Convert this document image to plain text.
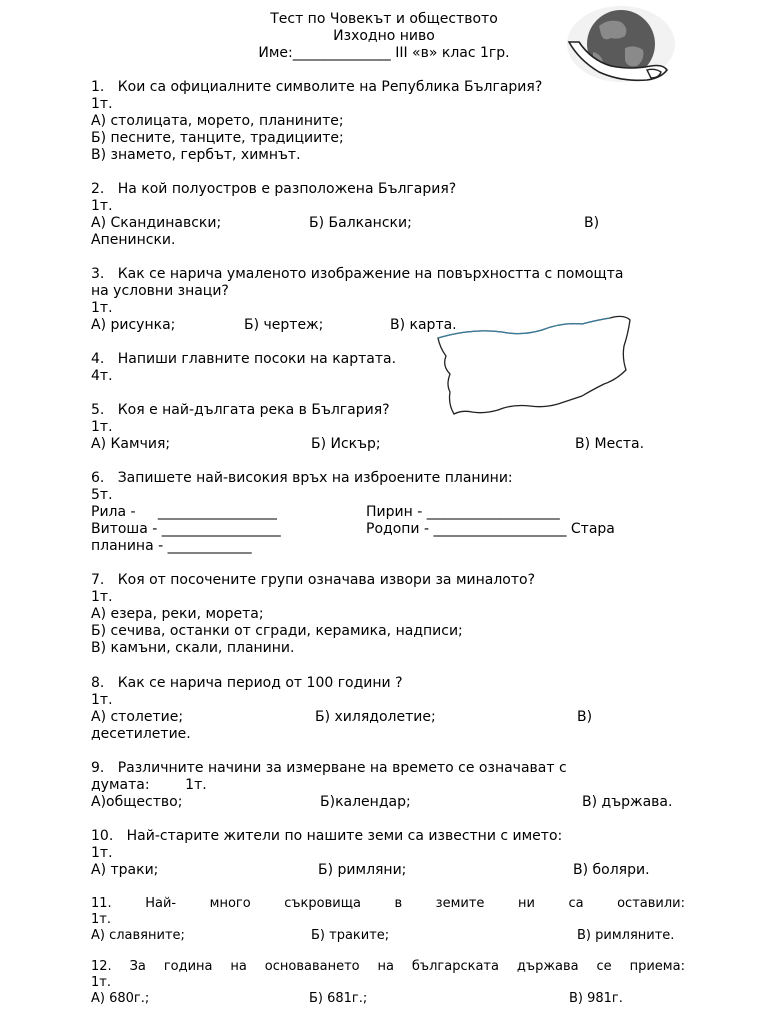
Тест по Човекът и обществото
Изходно ниво
Име:______________ III «в» клас 1гр.
1.   Кои са официалните символите на Република България?
1т.
А) столицата, морето, планините;
Б) песните, танците, традициите;
В) знамето, гербът, химнът.
2.   На кой полуостров е разположена България?
1т.
А) Скандинавски;	Б) Балкански;	В)
Апенински.
3.   Как се нарича умаленото изображение на повърхността с помощта
на условни знаци?
1т.
А) рисунка;	Б) чертеж;	В) карта.
4.   Напиши главните посоки на картата.
4т.
5.   Коя е най-дългата река в България?
1т.
А) Камчия;	Б) Искър;	В) Места.
6.   Запишете най-високия връх на изброените планини:
5т.
Рила -     _________________	Пирин - ___________________
Витоша - _________________	Родопи - ___________________ Стара
планина - ____________
7.   Коя от посочените групи означава извори за миналото?
1т.
А) езера, реки, морета;
Б) сечива, останки от сгради, керамика, надписи;
В) камъни, скали, планини.
8.   Как се нарича период от 100 години ?
1т.
А) столетие;	Б) хилядолетие;	В)
десетилетие.
9.   Различните начини за измерване на времето се означават с
думата:        1т.
А)общество;	Б)календар;	В) държава.
10.   Най-старите жители по нашите земи са известни с името:
1т.
А) траки;	Б) римляни;	В) боляри.
11.	Най-	много	съкровища	в	земите	ни	са	оставили:
1т.
А) славяните;	Б) траките;	В) римляните.
12. За година на основаването на българската държава се приема:
1т.
А) 680г.;	Б) 681г.;	В) 981г.
